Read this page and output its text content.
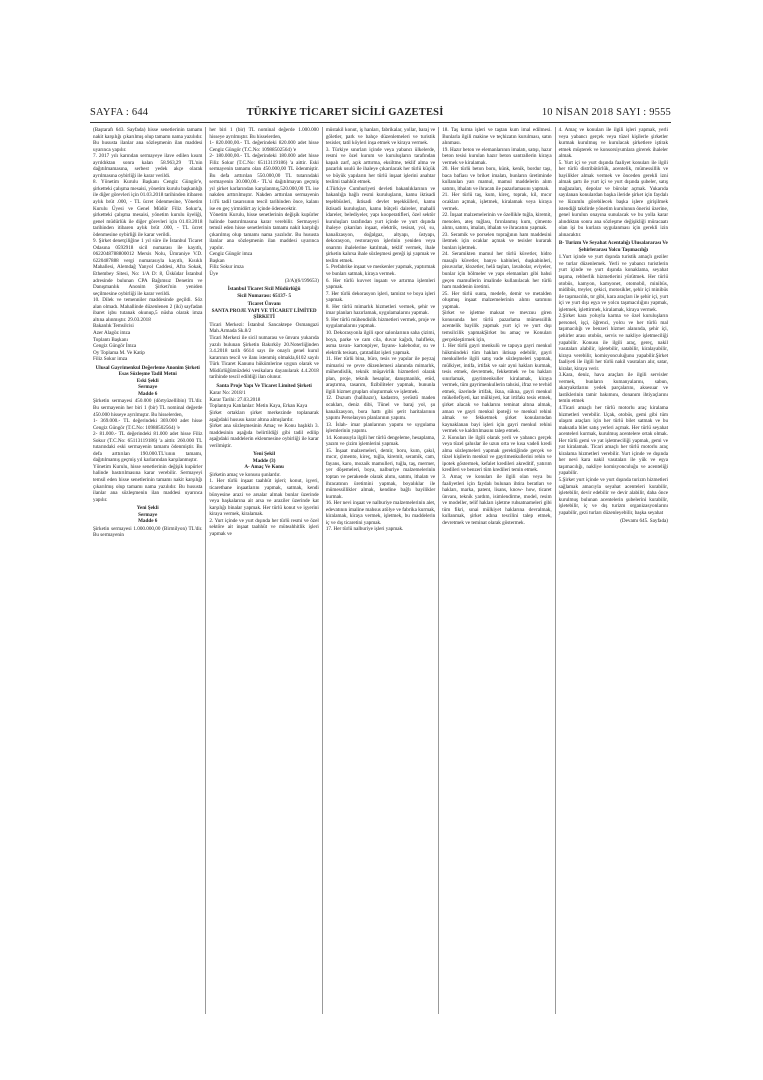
SAYFA : 644	TÜRKİYE TİCARET SİCİLİ GAZETESİ	10 NİSAN 2018 SAYI : 9555

(Baştarafı 643. Sayfada) hisse senetlerinin tamamı nakit karşılığı çıkarılmış olup tamamı nama yazılıdır. Bu hususta ilanlar ana sözleşmenin ilan maddesi uyarınca yapılır.

7. 2017 yılı karından sermayeye ilave edilen kısım ayrıldıktan sonra kalan 58.963,29 TL'nin dağıtılmamasına, serbest yedek akçe olarak ayrılmasına oybirliği ile karar verildi.

8. Yönetim Kurulu Başkanı Cengiz Güngör'e, şirketteki çalışma mesaisi, yönetim kurulu başkanlığı ile diğer görevleri için 01.03.2018 tarihinden itibaren aylık brüt .000, - TL ücret ödenmesine, Yönetim Kurulu Üyesi ve Genel Müdür Filiz Sokur'a, şirketteki çalışma mesaisi, yönetim kurulu üyeliği, genel müdürlük ile diğer görevleri için 01.03.2018 tarihinden itibaren aylık brüt .000, - TL ücret ödenmesine oybirliği ile karar verildi.

9. Şirket denetçiliğine 1 yıl süre ile İstanbul Ticaret Odasına 0592918 sicil numarası ile kayıtlı, 0622048788800012 Mersis Nolu, Ümraniye V.D. 6220487888 vergi numarasıyla kayıtlı, Kısıklı Mahallesi, Alemdağ Yanyol Caddesi, Afra Sokak, Ethembey Sitesi, No: 1/A D: 8, Üsküdar İstanbul adresinde bulunan CPA Bağımsız Denetim ve Danışmanlık Anonim Şirketi'nin yeniden seçilmesine oybirliği ile karar verildi.

10. Dilek ve temenniler maddesinde geçildi. Söz alan olmadı. Mahallinde düzenlenen 2 (iki) sayfadan ibaret işbu tutanak okunup,5 nüsha olarak imza altına alınmıştır. 29.03.2018

Bakanlık Temsilcisi
Azer Alagöz imza
Toplantı Başkanı
Cengiz Güngör İmza
Oy Toplama M. Ve Katip
Filiz Sokur imza

Ulusal Gayrimenkul Değerleme Anonim Şirketi Esas Sözleşme Tadil Metni
Eski Şekli
Sermaye
Madde 6

Şirketin sermayesi 450.000 (dörtyüzellibin) TL'dir. Bu sermayenin her biri 1 (bir) TL nominal değerde 450.000 hisseye ayrılmıştır. Bu hisselerden,

1- 369.000.- TL değerindeki 369.000 adet hisse Cengiz Güngör (T.C.No: 10988502564) 'e
2- 81.000.- TL değerindeki 81.000 adet hisse Filiz Sokur (T.C.No: 65113119186) 'a aittir. 260.000 TL tutarındaki eski sermayenin tamamı ödenmiştir. Bu defa arttırılan 190.000.TL'sının tamamı, dağıtılmamış geçmiş yıl karlarından karşılanmıştır.

Yönetim Kurulu, hisse senetlerinin değişik kupürler halinde bastırılmasına karar verebilir. Sermayeyi temsil eden hisse senetlerinin tamamı nakit karşılığı çıkarılmış olup tamamı nama yazılıdır. Bu hususta ilanlar ana sözleşmenin ilan maddesi uyarınca yapılır.

Yeni Şekli
Sermaye
Madde 6

Şirketin sermayesi 1.000.000,00 (Birmilyon) TL'dir. Bu sermayenin

her biri 1 (bir) TL nominal değerde 1.000.000 hisseye ayrılmıştır. Bu hisselerden,

1- 820.000,00.- TL değerindeki 820.000 adet hisse Cengiz Güngör (T.C.No: 10988502564) 'e
2- 180.000,00.- TL değerindeki 180.000 adet hisse Filiz Sokur (T.C.No: 65113119186) 'a aittir. Eski sermayenin tamamı olan 450.000,00 TL ödenmiştir. Bu defa arttırılan 550.000,00 TL tutarındaki sermayenin 30.000,00.- TL'si dağıtılmayan geçmiş yıl şirket karlarından karşılanmış,520.000,00 TL ise nakden arttırılmıştır. Nakden arttırılan sermayenin 1/4'ü tadil tasarısının tescil tarihinden önce, kalanı ise en geç yirmidört ay içinde ödenecektir.

Yönetim Kurulu, hisse senetlerinin değişik kupürler halinde bastırılmasına karar verebilir. Sermayeyi temsil eden hisse senetlerinin tamamı nakit karşılığı çıkarılmış olup tamamı nama yazılıdır. Bu hususta ilanlar ana sözleşmenin ilan maddesi uyarınca yapılır.

Cengiz Güngör imza
Başkan
Filiz Sokur imza
Üye

(3/A)(6/199653)

İstanbul Ticaret Sicil Müdürlüğü
Sicil Numarası: 65137- 5

Ticaret Ünvanı
SANTA PROJE YAPI VE TİCARET LİMİTED ŞİRKETİ

Ticari Merkezi: İstanbul Sancaktepe Osmangazi Mah.Armada Sk.8/2

Ticari Merkezi ile sicil numarası ve ünvanı yukarıda yazılı bulunan Şirketin Bakırköy 20.Noterliğinden 3.4.2018 tarih 6614 sayı ile onaylı genel kurul kararının tescil ve ilanı istenmiş olmakla,6102 sayılı Türk Ticaret Kanunu hükümlerine uygun olarak ve Müdürlüğümüzdeki vesikalara dayanılarak 4.4.2018 tarihinde tescil edildiği ilan olunur.

Santa Proje Yapı Ve Ticaret Limited Şirketi

Karar No: 2018/1
Karar Tarihi: 27.03.2018
Toplantıya Katılanlar: Metin Kaya, Erkan Kaya

Şirket ortakları şirket merkezinde toplanarak aşağıdaki hususu karar altına almışlardır.

Şirket ana sözleşmesinin Amaç ve Konu başlıklı 3. maddesinin aşağıda belirtildiği gibi tadil edilip aşağıdaki maddelerin eklenmesine oybirliği ile karar verilmiştir.

Yeni Şekil
Madde (3)
A- Amaç Ve Konu

Şirketin amaç ve konusu şunlardır.

1. Her türlü inşaat taahhüt işleri; konut, işyeri, ticarethane inşaatlarını yapmak, satmak, kendi bünyesine arazi ve arsalar almak bunlar üzerinde veya başkalarına ait arsa ve araziler üzerinde kat karşılığı binalar yapmak. Her türlü konut ve işyerini kiraya vermek, kiralamak.

2. Yurt içinde ve yurt dışında her türlü resmi ve özel sektöre ait inşaat taahhüt ve müteahhitlik işleri yapmak ve

müstakil konut, iş hanları, fabrikalar, yollar, baraj ve göletler, park ve bahçe düzenlemeleri ve turistik tesisler, tatil köyleri inşa etmek ve kiraya vermek.

3. Türkiye sınırları içinde veya yabancı ülkelerde, resmi ve özel kurum ve kuruluşların tarafından kapalı zarf, açık arttırma, eksiltme, teklif alma ve pazarlık usulü ile ihaleye çıkarılacak her türlü küçük ve büyük yapıların her türlü inşaat işlerini anahtar teslimi taahhüt etmek.

4.Türkiye Cumhuriyeti devleti bakanlıklarının ve bakanlığa bağlı resmi kuruluşların, kamu iktisadi teşebbüsleri, iktisadi devlet teşekkülleri, kamu iktisadi kuruluşları, kamu bütçeli daireler, mahalli idareler, belediyeler, yapı kooperatifleri, özel sektör kuruluşları tarafından yurt içinde ve yurt dışında ihaleye çıkarılan inşaat, elektrik, tesisat, yol, su, kanalizasyon, doğalgaz, altyapı, üstyapı, dekorasyon, restorasyon işlerinin yeniden veya onarımı ihalelerine katılmak, teklif vermek, ihale şirketin kalırsa ihale sözleşmesi gereği işi yapmak ve teslim etmek.

5. Prefabrike inşaat ve meskenler yapmak, yaptırmak ve bunları satmak, kiraya vermek.

6. Her türlü kuvvet inşaatı ve artırma işlemleri yapmak.

7. Her türlü dekorasyon işleri, tamirat ve boya işleri yapmak.

8. Her türlü mimarlık hizmetleri vermek, şehir ve imar planları hazırlamak, uygulamalarını yapmak.

9. Her türlü mühendislik hizmetleri vermek, proje ve uygulamalarını yapmak.

10. Dekorasyonla ilgili spor salonlarının saha çizimi, boya, parke ve cam cila, duvar kağıdı, halıfleks, asma tavan- kartonpiyer, fayans- kalebodur, su ve elektrik tesisatı, çatıtadilat işleri yapmak.

11. Her türlü bina, büro, tesis ve yapılar ile peyzaj mimarisi ve çevre düzenlemesi alanında mimarlık, mühendislik, teknik müşavirlik hizmetleri olarak plan, proje, teknik hesaplar, danışmanlık, etüd, araştırma, tasarım, fizibiliteler yapmak, bununla ilgili hizmet grupları oluşturmak ve işletmek.

12. Duzum (halihazır), kadastro, yerüstü maden ocakları, deniz dibi, Tünel ve baraj yol, şu kanalizasyon, bora hattı gibi şerit haritalarının yapımı Perselasyon planlarının yapımı.

13. İslah- imar planlarının yapımı ve uygulama işlemlerinin yapımı.

14. Konusuyla ilgili her türlü dengeleme, hesaplama, yazım ve çizim işlemlerini yapmak.

15. İnşaat malzemeleri, demir, boru, kum, çakıl, mıcır, çimento, kireç, tuğla, kiremit, seramik, cam, fayans, karo, mozaik mamulleri, tuğla, taş, mermer, yer döşemeleri, boya, nalburiye malzemelerinin toptan ve perakende olarak alımı, satımı, ithalatı ve ihracatının üretimini yapmak, boyalıklar ile mümessillikler almak, kendine bağlı bayilikler kurmak.

16. Her nevi inşaat ve nalburiye malzemelerinin alet, edevatının imaline mahsus atölye ve fabrika kurmak, kiralamak, kiraya vermek, işletmek, bu maddelerin iç ve dış ticaretini yapmak.

17. Her türlü nalburiye işleri yapmak.

18. Taş kırma işleri ve taştan kum imal edilmesi. Bunlarla ilgili makine ve teçhizatın kurulması, satın alınması.

19. Hazır beton ve elemanlarının imalatı, satışı, hazır beton tesisi kurulan hazır beton santrallerin kiraya vermek ve kiralamak.

20. Her türlü beton boru, künk, kenik, bordur taşı, baca bafiası ve briket imalatı, bunların üretiminde kullanılan yarı mamul, mamul maddelerin alım satımı, ithalatı ve ihracatı ile pazarlamasını yapmak.

21. Her türlü taş, kum, kireç, toprak, kil, mıcır ocakları açmak, işletmek, kiralamak veya kiraya vermek.

22. İnşaat malzemelerinin ve özellikle tuğla, kiremit, menolen, ateş tuğlası, fırınlanmış kum, çimento alımı, satımı, imalatı, ithalatı ve ihracatını yapmak.

23. Seramik ve porselen toprağının ham maddesini iletmek için ocaklar açmak ve tesisler kurarak bunları işletmek.

24. Seramikten mamul her türlü küvetler, hidro masajlı küvetler, banyo kabinleri, duşkabinleri, pisuvarlar, klozetler, helâ taşları, lavabolar, eviyeler, bunlar için bölmeler ve yapı elemanları gibi bahsi geçen mamullerin imalinde kullanılacak her türlü ham maddenin üretimi.

25. Her türlü sunta, medefe, demir ve metalden oluşmuş inşaat malzemelerinin alımı satımını yapmak.

Şirket ve işletme maksat ve mevzuu giren konusunda her türlü pazarlama mümessillik acentelik bayilik yapmak yurt içi ve yurt dışı temsilcilik yapmakŞirket bu amaç ve Konuları gerçekleştirmek için,

1. Her türlü gayri menkulü ve tapuya gayri menkul hükmündeki tüm hakları iktisap edebilir, gayri menkullerle ilgili satış vade sözleşmeleri yapmak, mülkiyet, intifa, irtifak ve sair ayni hakları kurmak, tesis etmek, devretmek, fekketmek ve bu hakları sınırlamak, gayrimenkuller kiralamak, kiraya vermek, tüm gayrimenkullerin tahsisi, ifraz ve tevhid etmek, üzerinde irtifak, ikna, sükna, gayri menkul mükellefiyeti, kat mülkiyeti, kat irtifakı tesis etmek, şirket alacak ve haklarını teminat altına almak, amacı ve gayri menkul ipoteği ve menkul rehini almak ve fekketmek şirket konularından kaynaklanan bayi işleri için gayri menkul rehini vermek ve kaldırılmasını talep etmek.

2. Konuları ile ilgili olarak yerli ve yabancı gerçek veya tüzel şahıslar ile uzun orta ve kısa vadeli kredi alma sözleşmeleri yapmak gerektiğinde gerçek ve tüzel kişilerin menkul ve gayrimenkullerini rehin ve ipotek göstermek, kefalet kredileri akreditif, yatırım kredileri ve benzeri tüm kredileri temin etmek.

3. Amaç ve konuları ile ilgili olan veya bu faaliyetleri için faydalı bulunan ihtira beratları ve hakları, marka, patent, lisans, know- how, ticaret ünvanı, teknik yardım, isimlendirme, model, resim ve modeller, telif hakları işletme ruhsatnameleri gibi tüm fikri, sınai mülkiyet haklarına devralmak, kullanmak, şirket adına tescilini talep etmek, devretmek ve teminat olarak göstermek.

4. Amaç ve konuları ile ilgili işleri yapmak, yerli veya yabancı gerçek veya tüzel kişilerle şirketler kurmak kurulmuş ve kurulacak şirketlere iştirak etmek müşterek ve konsorsiyumlara girerek ihaleler almak.

5. Yurt içi ve yurt dışında faaliyet konuları ile ilgili her türlü distribütörlük, acentelik, mümessillik ve bayilikler almak vermek ve önceden gerekli izni almak şartı ile yurt içi ve yurt dışında şubeler, satış mağazaları, depolar ve bürolar açmak. Yukarıda sayılanan konulardan başka ileride şirket için faydalı ve lüzumlu görebilecek başka işlere girişilmek istendiği takdirde yönetim kurulunun önerisi üzerine, genel kurulun onayına sunulacak ve bu yolla karar alındıktan sonra ana sözleşme değişikliği müracaatı olan işi bu kurlara uygulanması için gerekli izin alınacaktır.

B- Turizm Ve Seyahat Acentalığı Ulusalararası Ve Şehirlerarası Yolcu Taşımacılığı

1.Yurt içinde ve yurt dışında turistik amaçlı geziler ve turlar düzenlemek. Yerli ve yabancı turistlerin yurt içinde ve yurt dışında konaklama, seyahat taşıma, rehberlik hizmetlerini yürütmek. Her türlü otobüs, kamyon, kamyonet, otomobil, minibüs, midibüs, treyler, çekici, motosiklet, şehir içi minibüs ile taşımacılık, tır gibi, kara araçları ile şehir içi, yurt içi ve yurt dışı eşya ve yolcu taşımacılığını yapmak, işletmek, işlettirmek, kiralamak, kiraya vermek.

2.Şirket kara yoluyla karma ve özel kuruluşların personel, işçi, öğrenci, yolcu ve her türlü mal taşımacılığı ve benzeri hizmet alanında, şehir içi, şehirler arası otobüs, servis ve nakliye işletmeciliği yapabilir. Konusu ile ilgili araç, gereç, nakil vasıtaları alabilir, işletebilir, satabilir, kiralayabilir, kiraya verebilir, komisyonculuğunu yapabilir.Şirket faaliyeti ile ilgili her türlü nakil vasıtaları alır, satar, kiralar, kiraya verir.

3.Kara, deniz, hava araçları ile ilgili servisler vermek, bunların kumanyalarını, sabun, akaryakıtlarını yedek parçalarını, aksesuar ve lastiklerinin tamir bakımını, donanım ihtiyaçlarını temin etmek

4.Ticari amaçlı her türlü motorlu araç kiralama hizmetleri verebilir. Uçak, otobüs, gemi gibi tüm ulaşım araçları için her türlü bilet satmak ve bu maksatla bilet satış yerleri açmak. Her türlü seyahat acenteleri kurmak, kurulmuş acentelere ortak olmak. Her türlü gemi ve yat işletmeciliği yapmak, gemi ve yat kiralamak. Ticari amaçlı her türlü motorlu araç kiralama hizmetleri verebilir. Yurt içinde ve dışında her nevi kara nakil vasıtaları ile yük ve eşya taşımacılığı, nakliye komisyonculuğu ve acenteliği yapabilir.

5.Şirket yurt içinde ve yurt dışında turizm hizmetleri sağlamak amacıyla seyahat acenteleri kurabilir, işletebilir, devir edebilir ve devir alabilir, daha önce kurulmuş bulunan acentelerin şubelerini kurabilir, işletebilir, iç ve dış turizm organizasyonlarını yapabilir, gezi turları düzenleyebilir, başka seyahat

(Devamı 645. Sayfada)
